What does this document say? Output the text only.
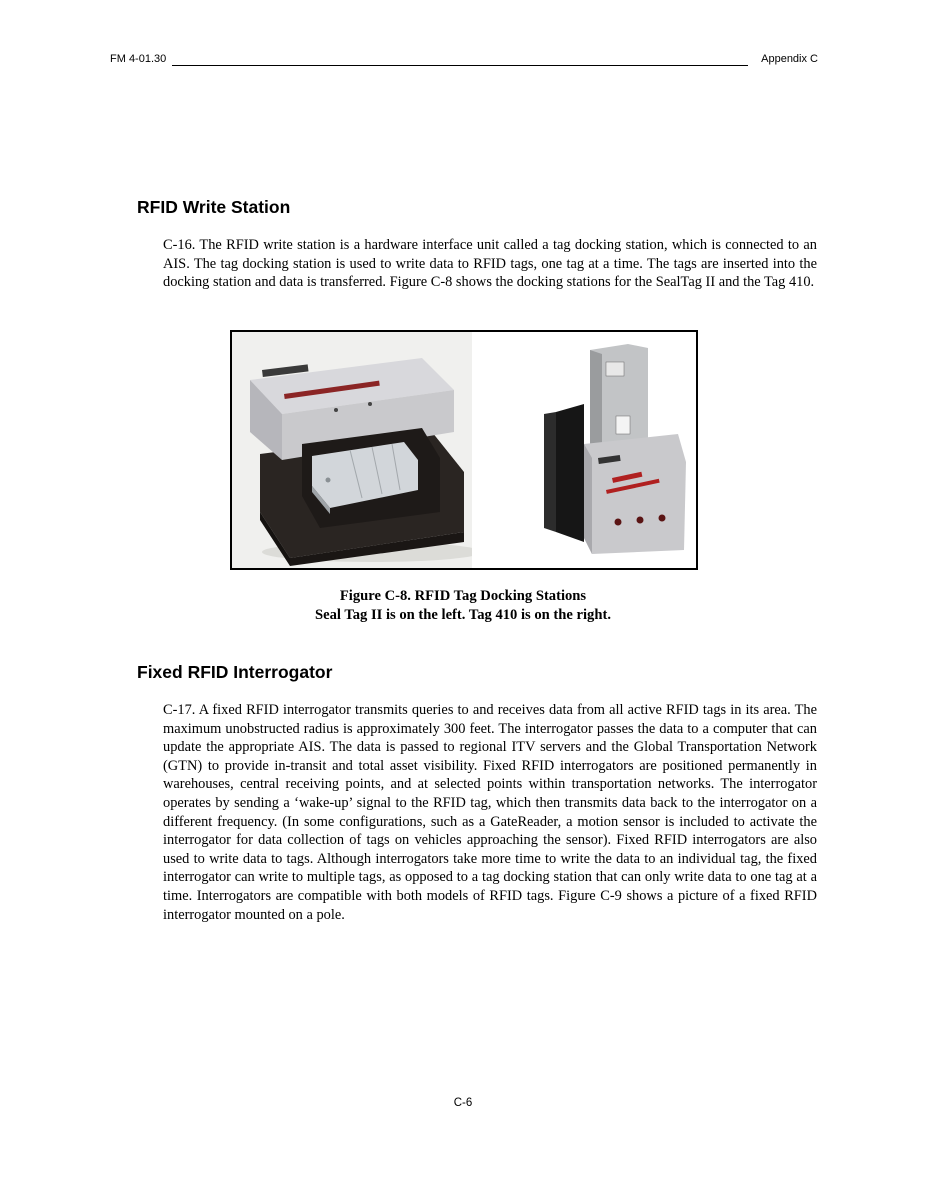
FM 4-01.30	Appendix C
RFID Write Station

C-16. The RFID write station is a hardware interface unit called a tag docking station, which is connected to an AIS. The tag docking station is used to write data to RFID tags, one tag at a time. The tags are inserted into the docking station and data is transferred. Figure C-8 shows the docking stations for the SealTag II and the Tag 410.

Figure C-8. RFID Tag Docking Stations
Seal Tag II is on the left. Tag 410 is on the right.
Fixed RFID Interrogator

C-17. A fixed RFID interrogator transmits queries to and receives data from all active RFID tags in its area. The maximum unobstructed radius is approximately 300 feet. The interrogator passes the data to a computer that can update the appropriate AIS. The data is passed to regional ITV servers and the Global Transportation Network (GTN) to provide in-transit and total asset visibility. Fixed RFID interrogators are positioned permanently in warehouses, central receiving points, and at selected points within transportation networks. The interrogator operates by sending a ‘wake-up’ signal to the RFID tag, which then transmits data back to the interrogator on a different frequency. (In some configurations, such as a GateReader, a motion sensor is included to activate the interrogator for data collection of tags on vehicles approaching the sensor). Fixed RFID interrogators are also used to write data to tags. Although interrogators take more time to write the data to an individual tag, the fixed interrogator can write to multiple tags, as opposed to a tag docking station that can only write data to one tag at a time. Interrogators are compatible with both models of RFID tags. Figure C-9 shows a picture of a fixed RFID interrogator mounted on a pole.

C-6
